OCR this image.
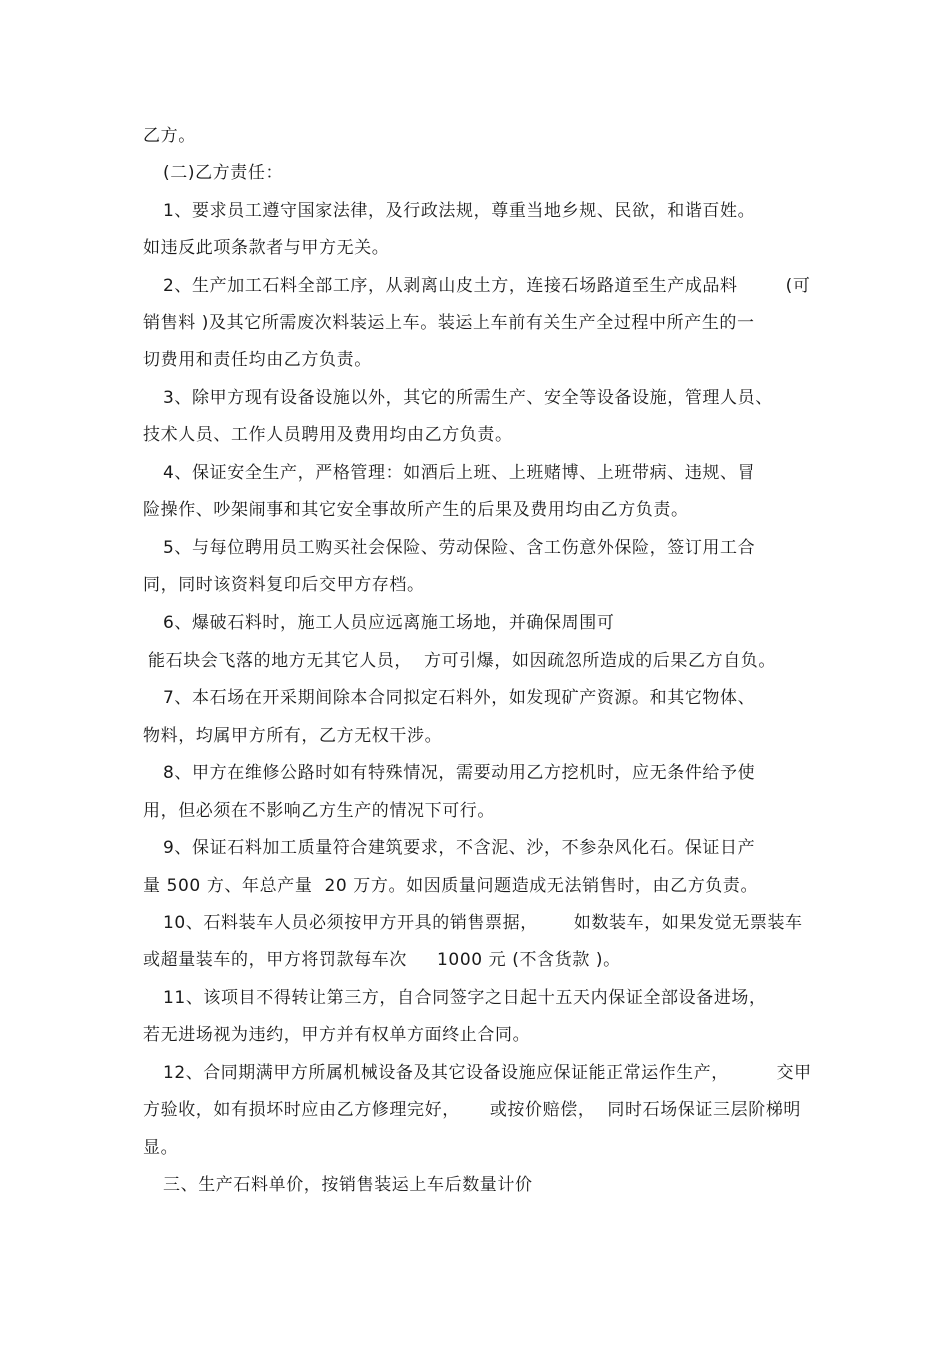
乙方。
(二)乙方责任：
1、要求员工遵守国家法律，及行政法规，尊重当地乡规、民欲，和谐百姓。
如违反此项条款者与甲方无关。
2、生产加工石料全部工序，从剥离山皮土方，连接石场路道至生产成品料        (可
销售料 )及其它所需废次料装运上车。装运上车前有关生产全过程中所产生的一
切费用和责任均由乙方负责。
3、除甲方现有设备设施以外，其它的所需生产、安全等设备设施，管理人员、
技术人员、工作人员聘用及费用均由乙方负责。
4、保证安全生产，严格管理：如酒后上班、上班赌博、上班带病、违规、冒
险操作、吵架闹事和其它安全事故所产生的后果及费用均由乙方负责。
5、与每位聘用员工购买社会保险、劳动保险、含工伤意外保险，签订用工合
同，同时该资料复印后交甲方存档。
6、爆破石料时，施工人员应远离施工场地，并确保周围可
能石块会飞落的地方无其它人员，  方可引爆，如因疏忽所造成的后果乙方自负。
7、本石场在开采期间除本合同拟定石料外，如发现矿产资源。和其它物体、
物料，均属甲方所有，乙方无权干涉。
8、甲方在维修公路时如有特殊情况，需要动用乙方挖机时，应无条件给予使
用，但必须在不影响乙方生产的情况下可行。
9、保证石料加工质量符合建筑要求，不含泥、沙，不参杂风化石。保证日产
量 500 方、年总产量  20 万方。如因质量问题造成无法销售时，由乙方负责。
10、石料装车人员必须按甲方开具的销售票据，      如数装车，如果发觉无票装车
或超量装车的，甲方将罚款每车次     1000 元 (不含货款 )。
11、该项目不得转让第三方，自合同签字之日起十五天内保证全部设备进场，
若无进场视为违约，甲方并有权单方面终止合同。
12、合同期满甲方所属机械设备及其它设备设施应保证能正常运作生产，        交甲
方验收，如有损坏时应由乙方修理完好，     或按价赔偿，  同时石场保证三层阶梯明
显。
三、生产石料单价，按销售装运上车后数量计价
